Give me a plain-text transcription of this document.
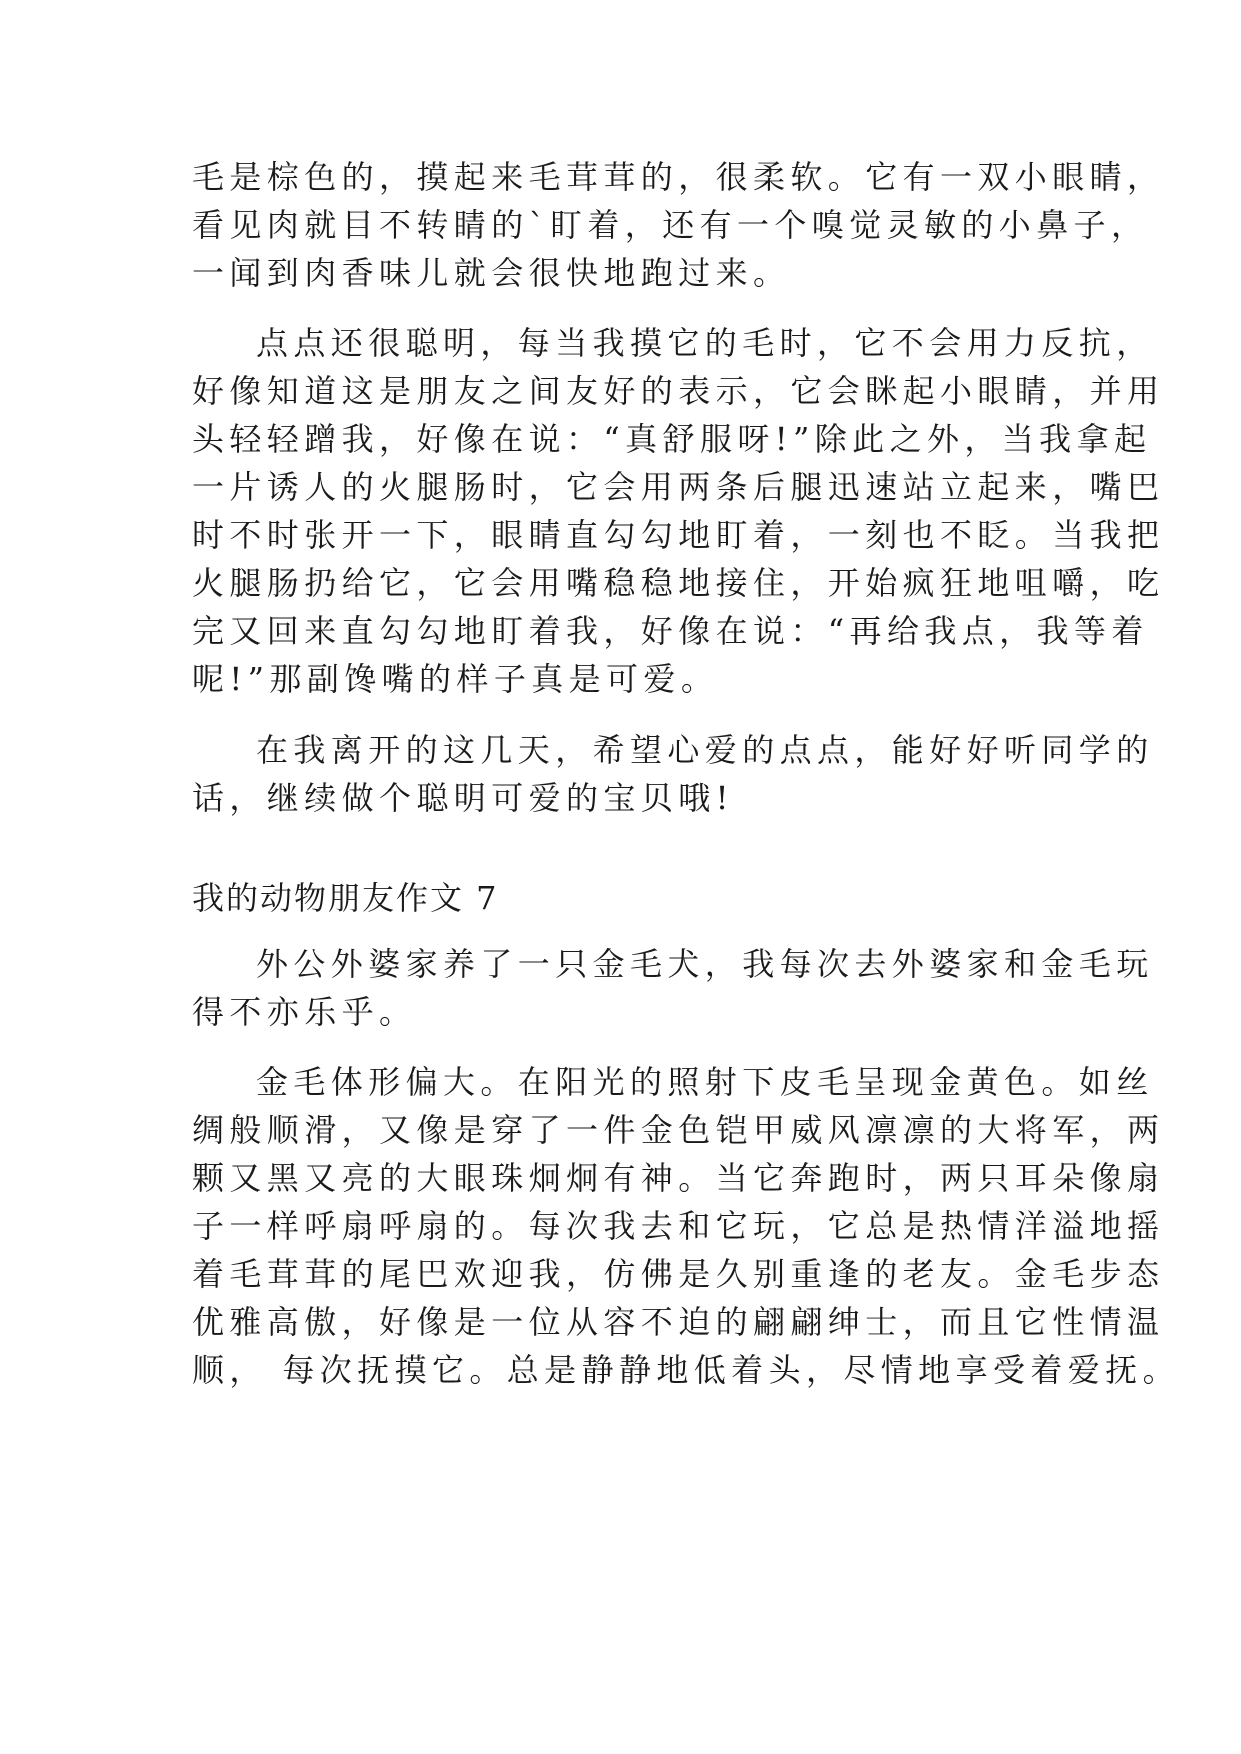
毛是棕色的，摸起来毛茸茸的，很柔软。它有一双小眼睛，
看见肉就目不转睛的`盯着，还有一个嗅觉灵敏的小鼻子，
一闻到肉香味儿就会很快地跑过来。
点点还很聪明，每当我摸它的毛时，它不会用力反抗，
好像知道这是朋友之间友好的表示，它会眯起小眼睛，并用
头轻轻蹭我，好像在说：“真舒服呀!”除此之外，当我拿起
一片诱人的火腿肠时，它会用两条后腿迅速站立起来，嘴巴
时不时张开一下，眼睛直勾勾地盯着，一刻也不眨。当我把
火腿肠扔给它，它会用嘴稳稳地接住，开始疯狂地咀嚼，吃
完又回来直勾勾地盯着我，好像在说：“再给我点，我等着
呢!”那副馋嘴的样子真是可爱。
在我离开的这几天，希望心爱的点点，能好好听同学的
话，继续做个聪明可爱的宝贝哦!
我的动物朋友作文 7
外公外婆家养了一只金毛犬，我每次去外婆家和金毛玩
得不亦乐乎。
金毛体形偏大。在阳光的照射下皮毛呈现金黄色。如丝
绸般顺滑，又像是穿了一件金色铠甲威风凛凛的大将军，两
颗又黑又亮的大眼珠炯炯有神。当它奔跑时，两只耳朵像扇
子一样呼扇呼扇的。每次我去和它玩，它总是热情洋溢地摇
着毛茸茸的尾巴欢迎我，仿佛是久别重逢的老友。金毛步态
优雅高傲，好像是一位从容不迫的翩翩绅士，而且它性情温
顺， 每次抚摸它。总是静静地低着头，尽情地享受着爱抚。
